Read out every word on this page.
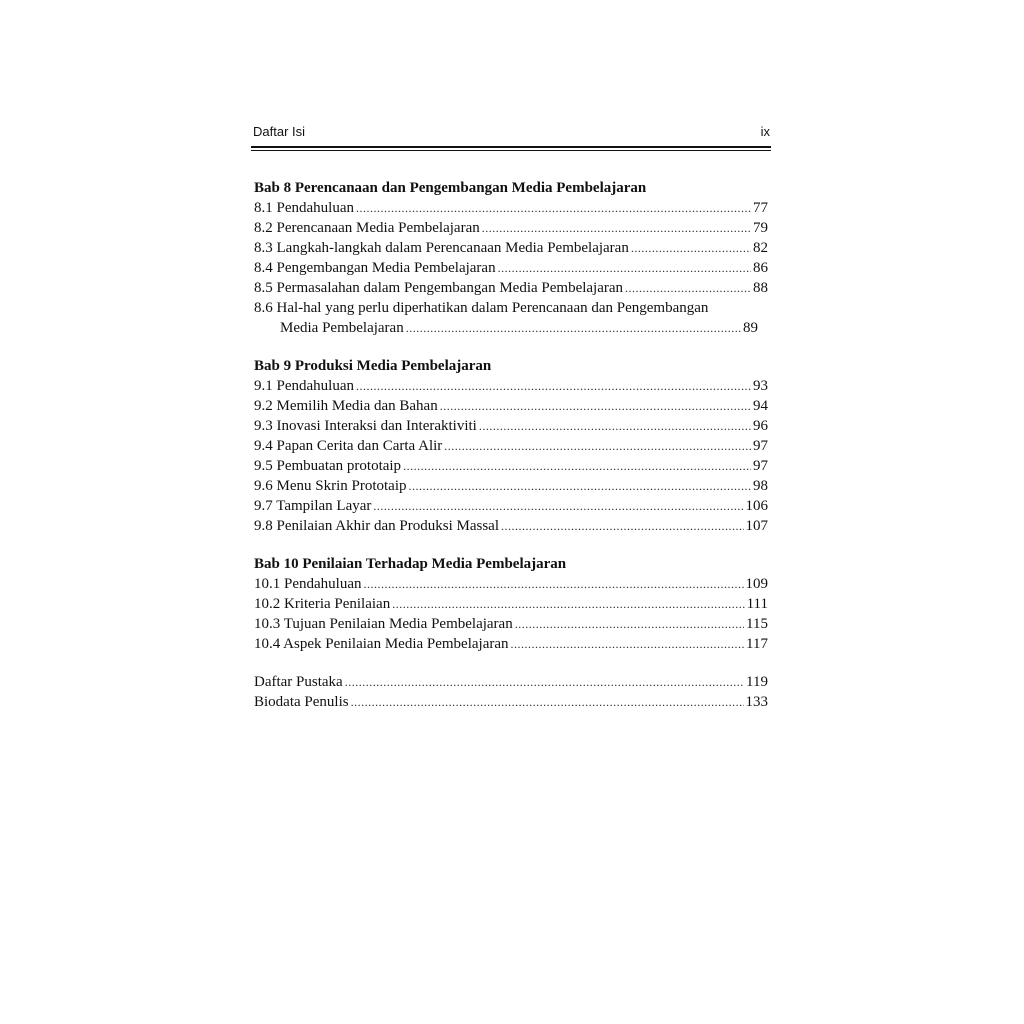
Daftar Isi	ix
Bab 8 Perencanaan dan Pengembangan Media Pembelajaran
8.1 Pendahuluan .....	77
8.2 Perencanaan Media Pembelajaran .....	79
8.3 Langkah-langkah dalam Perencanaan Media Pembelajaran .....	82
8.4 Pengembangan Media Pembelajaran .....	86
8.5 Permasalahan dalam Pengembangan Media Pembelajaran .....	88
8.6 Hal-hal yang perlu diperhatikan dalam Perencanaan dan Pengembangan
Media Pembelajaran .....	89
Bab 9 Produksi Media Pembelajaran
9.1 Pendahuluan .....	93
9.2 Memilih Media dan Bahan .....	94
9.3 Inovasi Interaksi dan Interaktiviti .....	96
9.4 Papan Cerita dan Carta Alir .....	97
9.5 Pembuatan prototaip .....	97
9.6 Menu Skrin Prototaip .....	98
9.7 Tampilan Layar .....	106
9.8 Penilaian Akhir dan Produksi Massal .....	107
Bab 10 Penilaian Terhadap Media Pembelajaran
10.1 Pendahuluan .....	109
10.2 Kriteria Penilaian .....	111
10.3 Tujuan Penilaian Media Pembelajaran .....	115
10.4 Aspek Penilaian Media Pembelajaran .....	117
Daftar Pustaka .....	119
Biodata Penulis .....	133
